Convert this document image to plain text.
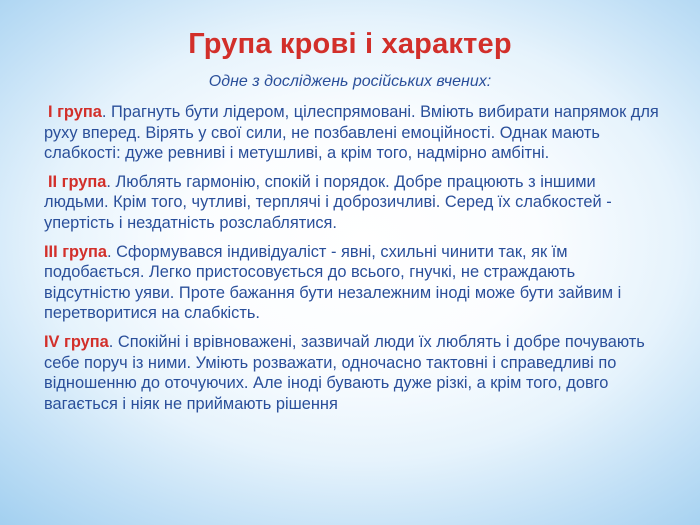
Група крові і характер
Одне з досліджень російських вчених:

I група. Прагнуть бути лідером, цілеспрямовані. Вміють вибирати напрямок для руху вперед. Вірять у свої сили, не позбавлені емоційності. Однак мають слабкості: дуже ревниві і метушливі, а крім того, надмірно амбітні.

II група. Люблять гармонію, спокій і порядок. Добре працюють з іншими людьми. Крім того, чутливі, терплячі і доброзичливі. Серед їх слабкостей - упертість і нездатність розслаблятися.

III група. Сформувався індивідуаліст - явні, схильні чинити так, як їм подобається. Легко пристосовується до всього, гнучкі, не страждають відсутністю уяви. Проте бажання бути незалежним іноді може бути зайвим і перетворитися на слабкість.

IV група. Спокійні і врівноважені, зазвичай люди їх люблять і добре почувають себе поруч із ними. Уміють розважати, одночасно тактовні і справедливі по відношенню до оточуючих. Але іноді бувають дуже різкі, а крім того, довго вагається і ніяк не приймають рішення
